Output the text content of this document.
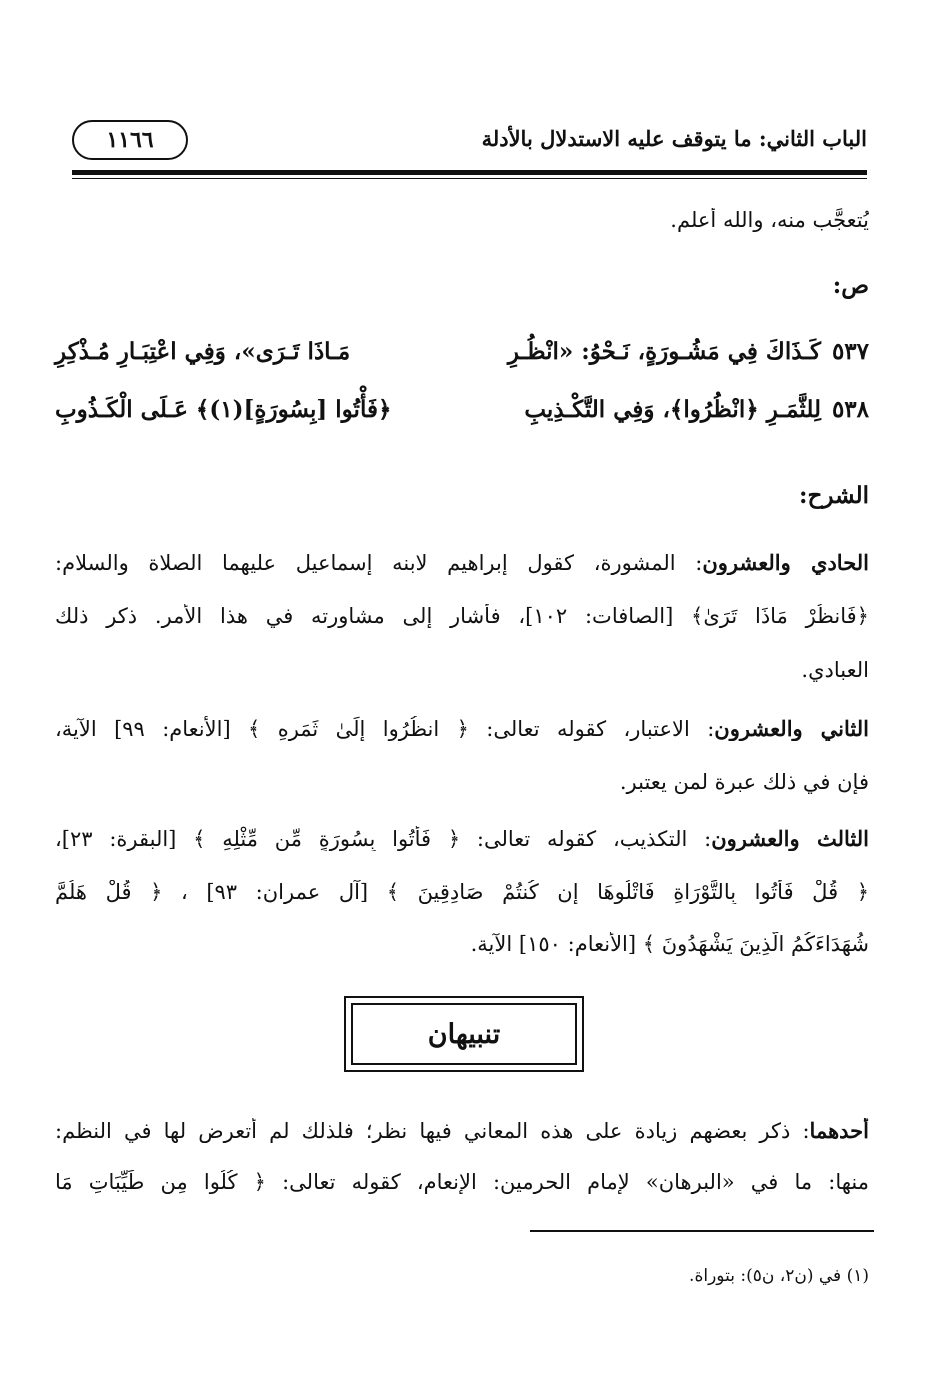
الباب الثاني: ما يتوقف عليه الاستدلال بالأدلة
١١٦٦
يُتعجَّب منه، والله أعلم.
ص:
٥٣٧
كَـذَاكَ فِي مَشُـورَةٍ، نَـحْوُ: «انْظُـرِ
مَـاذَا تَـرَى»، وَفِي اعْتِبَـارِ مُـذْكِرِ
٥٣٨
لِلثَّمَـرِ ﴿انْظُرُوا﴾، وَفِي التَّكْـذِيبِ
﴿فَأْتُوا [بِسُورَةٍ](١)﴾ عَـلَى الْكَـذُوبِ
الشرح:
الحادي والعشرون: المشورة، كقول إبراهيم لابنه إسماعيل عليهما الصلاة والسلام:
﴿فَانظُرْ مَاذَا تَرَىٰ﴾ [الصافات: ١٠٢]، فأشار إلى مشاورته في هذا الأمر. ذكر ذلك
العبادي.
الثاني والعشرون: الاعتبار، كقوله تعالى: ﴿ انظُرُوا إِلَىٰ ثَمَرِهِ ﴾ [الأنعام: ٩٩] الآية،
فإن في ذلك عبرة لمن يعتبر.
الثالث والعشرون: التكذيب، كقوله تعالى: ﴿ فَأْتُوا بِسُورَةٍ مِّن مِّثْلِهِ ﴾ [البقرة: ٢٣]،
﴿ قُلْ فَأْتُوا بِالتَّوْرَاةِ فَاتْلُوهَا إِن كُنتُمْ صَادِقِينَ ﴾ [آل عمران: ٩٣] ، ﴿ قُلْ هَلُمَّ
شُهَدَاءَكُمُ الَّذِينَ يَشْهَدُونَ ﴾ [الأنعام: ١٥٠] الآية.
تنبيهان
أحدهما: ذكر بعضهم زيادة على هذه المعاني فيها نظر؛ فلذلك لم أتعرض لها في النظم:
منها: ما في «البرهان» لإمام الحرمين: الإنعام، كقوله تعالى: ﴿ كُلُوا مِن طَيِّبَاتِ مَا
(١) في (ن٢، ن٥): بتوراة.
